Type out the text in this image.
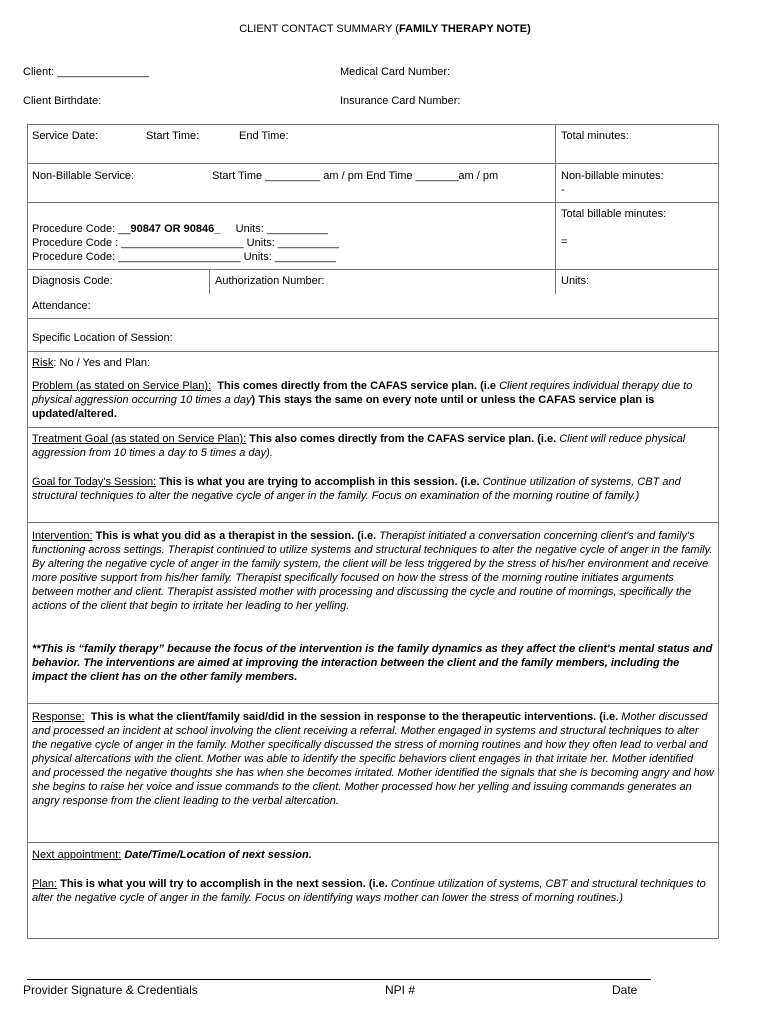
CLIENT CONTACT SUMMARY (FAMILY THERAPY NOTE)
Client: _______________	Medical Card Number:
Client Birthdate:	Insurance Card Number:
Service Date:	Start Time:	End Time:	Total minutes:
Non-Billable Service:	Start Time _________ am / pm End Time _______am / pm	Non-billable minutes:
-
Total billable minutes:
=
Procedure Code: __90847 OR 90846_ Units: __________
Procedure Code : ____________________ Units: __________
Procedure Code: ____________________ Units: __________
Diagnosis Code:	Authorization Number:	Units:
Attendance:
Specific Location of Session:
Risk: No / Yes and Plan:
Problem (as stated on Service Plan): This comes directly from the CAFAS service plan. (i.e Client requires individual therapy due to physical aggression occurring 10 times a day) This stays the same on every note until or unless the CAFAS service plan is updated/altered.
Treatment Goal (as stated on Service Plan): This also comes directly from the CAFAS service plan. (i.e. Client will reduce physical aggression from 10 times a day to 5 times a day).
Goal for Today's Session: This is what you are trying to accomplish in this session. (i.e. Continue utilization of systems, CBT and structural techniques to alter the negative cycle of anger in the family. Focus on examination of the morning routine of family.)
Intervention: This is what you did as a therapist in the session. (i.e. Therapist initiated a conversation concerning client's and family's functioning across settings. Therapist continued to utilize systems and structural techniques to alter the negative cycle of anger in the family. By altering the negative cycle of anger in the family system, the client will be less triggered by the stress of his/her environment and receive more positive support from his/her family. Therapist specifically focused on how the stress of the morning routine initiates arguments between mother and client. Therapist assisted mother with processing and discussing the cycle and routine of mornings, specifically the actions of the client that begin to irritate her leading to her yelling.
**This is “family therapy” because the focus of the intervention is the family dynamics as they affect the client's mental status and behavior. The interventions are aimed at improving the interaction between the client and the family members, including the impact the client has on the other family members.
Response: This is what the client/family said/did in the session in response to the therapeutic interventions. (i.e. Mother discussed and processed an incident at school involving the client receiving a referral. Mother engaged in systems and structural techniques to alter the negative cycle of anger in the family. Mother specifically discussed the stress of morning routines and how they often lead to verbal and physical altercations with the client. Mother was able to identify the specific behaviors client engages in that irritate her. Mother identified and processed the negative thoughts she has when she becomes irritated. Mother identified the signals that she is becoming angry and how she begins to raise her voice and issue commands to the client. Mother processed how her yelling and issuing commands generates an angry response from the client leading to the verbal altercation.
Next appointment: Date/Time/Location of next session.
Plan: This is what you will try to accomplish in the next session. (i.e. Continue utilization of systems, CBT and structural techniques to alter the negative cycle of anger in the family. Focus on identifying ways mother can lower the stress of morning routines.)
Provider Signature & Credentials	NPI #	Date
